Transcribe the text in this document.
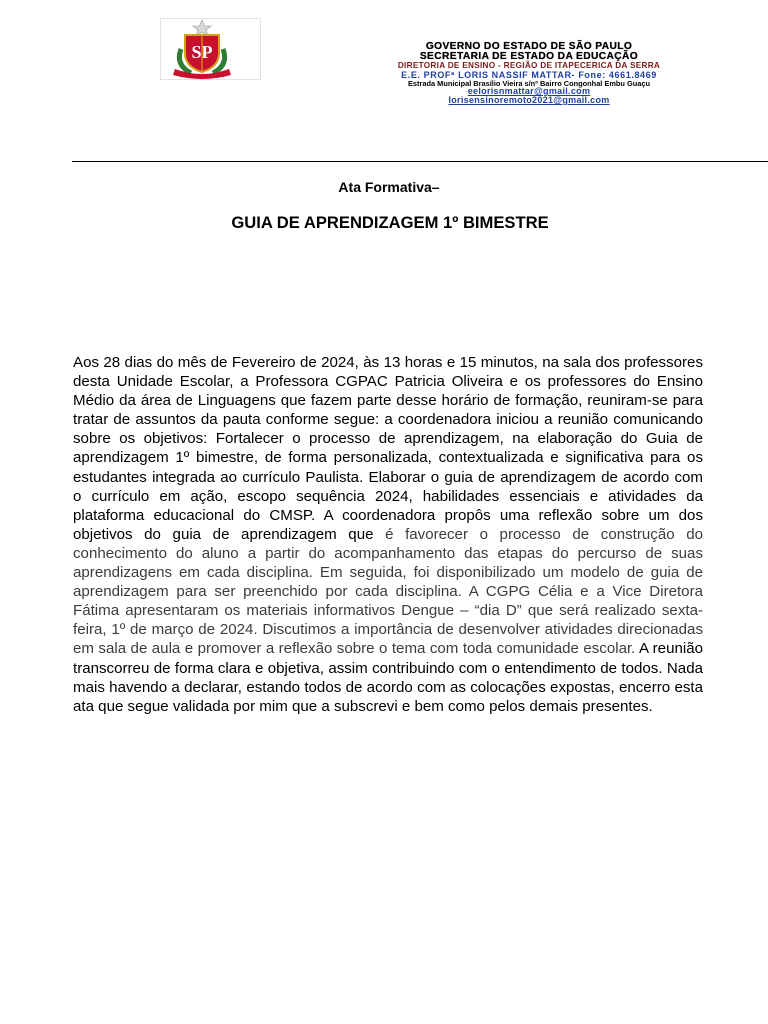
SP	GOVERNO DO ESTADO DE SÃO PAULO
SECRETARIA DE ESTADO DA EDUCAÇÃO
DIRETORIA DE ENSINO - REGIÃO DE ITAPECERICA DA SERRA
E.E. PROFª LORIS NASSIF MATTAR- Fone: 4661.8469
Estrada Municipal Brasílio Vieira s/nº Bairro Congonhal Embu Guaçu
eelorisnmattar@gmail.com
lorisensinoremoto2021@gmail.com
Ata Formativa–
GUIA DE APRENDIZAGEM 1º BIMESTRE

Aos 28 dias do mês de Fevereiro de 2024, às 13 horas e 15 minutos, na sala dos professores desta Unidade Escolar, a Professora CGPAC Patricia Oliveira e os professores do Ensino Médio da área de Linguagens que fazem parte desse horário de formação, reuniram-se para tratar de assuntos da pauta conforme segue: a coordenadora iniciou a reunião comunicando sobre os objetivos: Fortalecer o processo de aprendizagem, na elaboração do Guia de aprendizagem 1º bimestre, de forma personalizada, contextualizada e significativa para os estudantes integrada ao currículo Paulista. Elaborar o guia de aprendizagem de acordo com o currículo em ação, escopo sequência 2024, habilidades essenciais e atividades da plataforma educacional do CMSP. A coordenadora propôs uma reflexão sobre um dos objetivos do guia de aprendizagem que é favorecer o processo de construção do conhecimento do aluno a partir do acompanhamento das etapas do percurso de suas aprendizagens em cada disciplina. Em seguida, foi disponibilizado um modelo de guia de aprendizagem para ser preenchido por cada disciplina. A CGPG Célia e a Vice Diretora Fátima apresentaram os materiais informativos Dengue – “dia D” que será realizado sexta-feira, 1º de março de 2024. Discutimos a importância de desenvolver atividades direcionadas em sala de aula e promover a reflexão sobre o tema com toda comunidade escolar. A reunião transcorreu de forma clara e objetiva, assim contribuindo com o entendimento de todos. Nada mais havendo a declarar, estando todos de acordo com as colocações expostas, encerro esta ata que segue validada por mim que a subscrevi e bem como pelos demais presentes.
